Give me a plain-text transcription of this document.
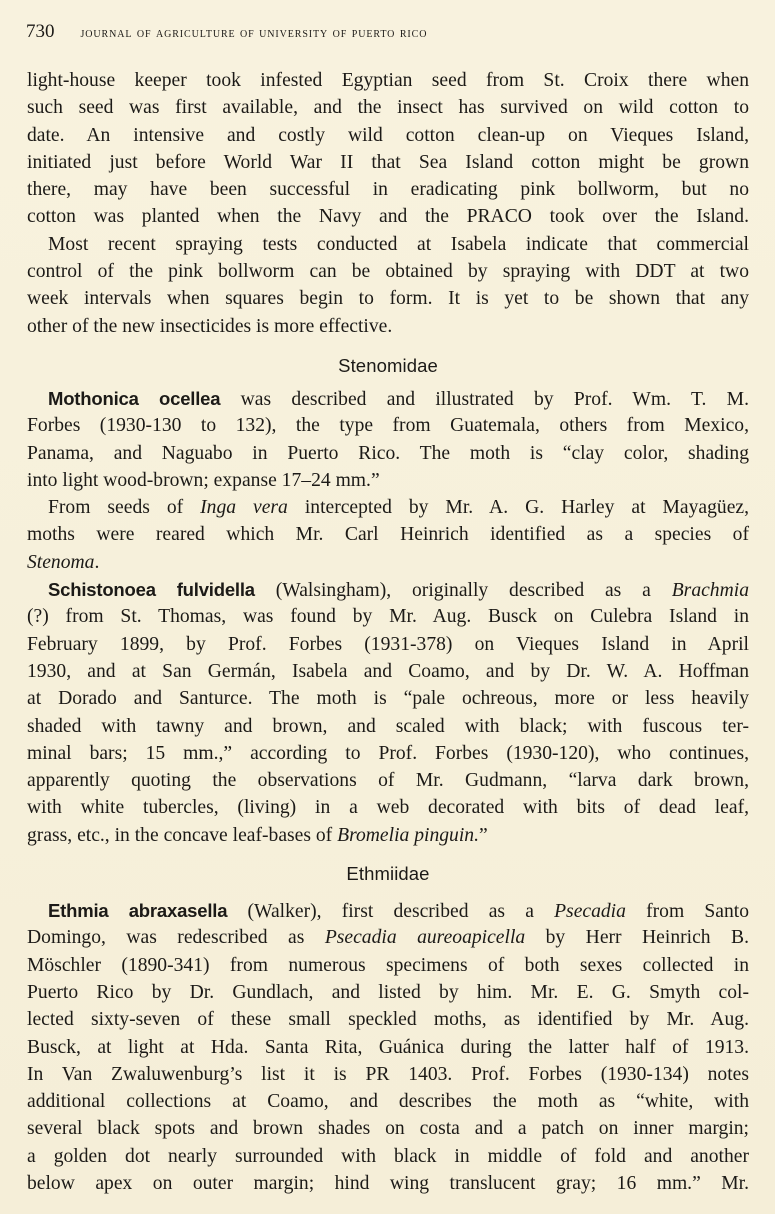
730 journal of agriculture of university of puerto rico
light-house keeper took infested Egyptian seed from St. Croix there when
such seed was first available, and the insect has survived on wild cotton to
date. An intensive and costly wild cotton clean-up on Vieques Island,
initiated just before World War II that Sea Island cotton might be grown
there, may have been successful in eradicating pink bollworm, but no
cotton was planted when the Navy and the PRACO took over the Island.
Most recent spraying tests conducted at Isabela indicate that commercial
control of the pink bollworm can be obtained by spraying with DDT at two
week intervals when squares begin to form. It is yet to be shown that any
other of the new insecticides is more effective.
Stenomidae
Mothonica ocellea was described and illustrated by Prof. Wm. T. M.
Forbes (1930-130 to 132), the type from Guatemala, others from Mexico,
Panama, and Naguabo in Puerto Rico. The moth is “clay color, shading
into light wood-brown; expanse 17–24 mm.”
From seeds of Inga vera intercepted by Mr. A. G. Harley at Mayagüez,
moths were reared which Mr. Carl Heinrich identified as a species of
Stenoma.
Schistonoea fulvidella (Walsingham), originally described as a Brachmia
(?) from St. Thomas, was found by Mr. Aug. Busck on Culebra Island in
February 1899, by Prof. Forbes (1931-378) on Vieques Island in April
1930, and at San Germán, Isabela and Coamo, and by Dr. W. A. Hoffman
at Dorado and Santurce. The moth is “pale ochreous, more or less heavily
shaded with tawny and brown, and scaled with black; with fuscous ter-
minal bars; 15 mm.,” according to Prof. Forbes (1930-120), who continues,
apparently quoting the observations of Mr. Gudmann, “larva dark brown,
with white tubercles, (living) in a web decorated with bits of dead leaf,
grass, etc., in the concave leaf-bases of Bromelia pinguin.”
Ethmiidae
Ethmia abraxasella (Walker), first described as a Psecadia from Santo
Domingo, was redescribed as Psecadia aureoapicella by Herr Heinrich B.
Möschler (1890-341) from numerous specimens of both sexes collected in
Puerto Rico by Dr. Gundlach, and listed by him. Mr. E. G. Smyth col-
lected sixty-seven of these small speckled moths, as identified by Mr. Aug.
Busck, at light at Hda. Santa Rita, Guánica during the latter half of 1913.
In Van Zwaluwenburg’s list it is PR 1403. Prof. Forbes (1930-134) notes
additional collections at Coamo, and describes the moth as “white, with
several black spots and brown shades on costa and a patch on inner margin;
a golden dot nearly surrounded with black in middle of fold and another
below apex on outer margin; hind wing translucent gray; 16 mm.” Mr.
